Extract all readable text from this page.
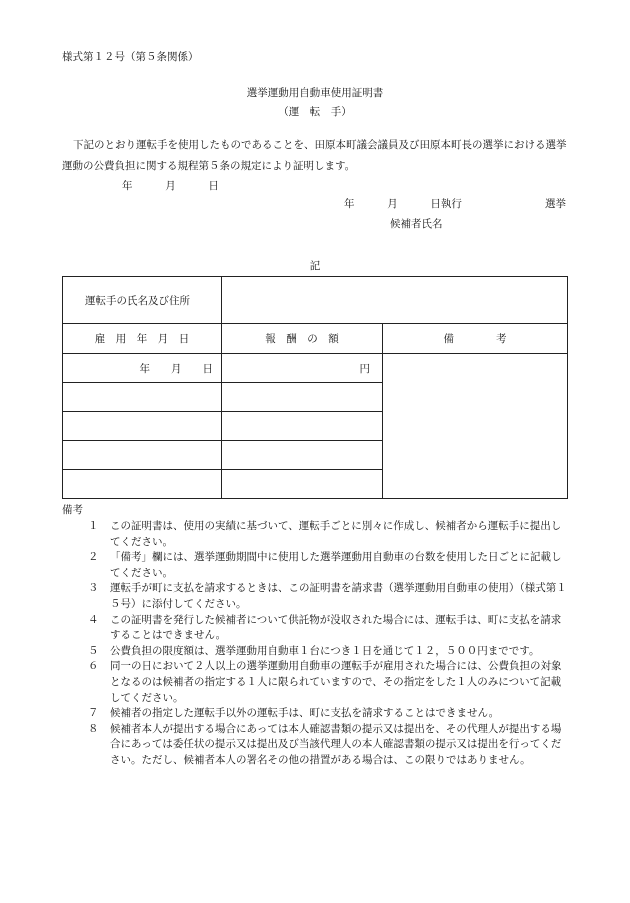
様式第１２号（第５条関係）
選挙運動用自動車使用証明書
（運　転　手）
下記のとおり運転手を使用したものであることを、田原本町議会議員及び田原本町長の選挙における選挙運動の公費負担に関する規程第５条の規定により証明します。
年	月	日
年	月	日執行	選挙
候補者氏名
記
運転手の氏名及び住所		
雇　用　年　月　日	報　酬　の　額	備　　　　考
年　　月　　日	円	

備考

１ この証明書は、使用の実績に基づいて、運転手ごとに別々に作成し、候補者から運転手に提出してください。

２ 「備考」欄には、選挙運動期間中に使用した選挙運動用自動車の台数を使用した日ごとに記載してください。

３ 運転手が町に支払を請求するときは、この証明書を請求書（選挙運動用自動車の使用）（様式第１５号）に添付してください。

４ この証明書を発行した候補者について供託物が没収された場合には、運転手は、町に支払を請求することはできません。

５ 公費負担の限度額は、選挙運動用自動車１台につき１日を通じて１２，５００円までです。

６ 同一の日において２人以上の選挙運動用自動車の運転手が雇用された場合には、公費負担の対象となるのは候補者の指定する１人に限られていますので、その指定をした１人のみについて記載してください。

７ 候補者の指定した運転手以外の運転手は、町に支払を請求することはできません。

８ 候補者本人が提出する場合にあっては本人確認書類の提示又は提出を、その代理人が提出する場合にあっては委任状の提示又は提出及び当該代理人の本人確認書類の提示又は提出を行ってください。ただし、候補者本人の署名その他の措置がある場合は、この限りではありません。
